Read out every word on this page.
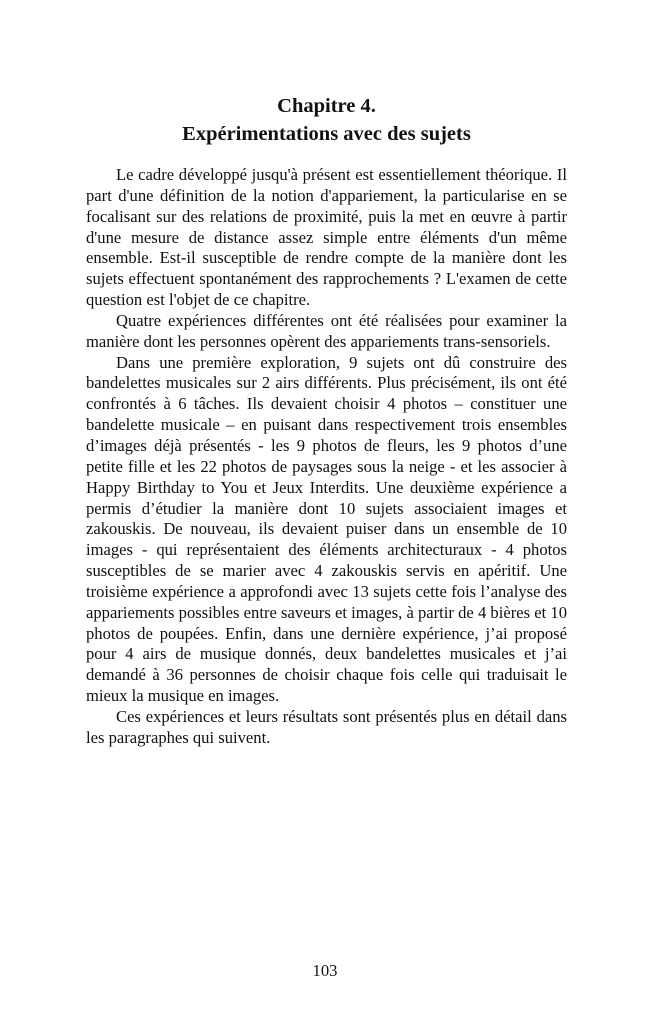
Chapitre 4.
Expérimentations avec des sujets

Le cadre développé jusqu'à présent est essentiellement théorique. Il part d'une définition de la notion d'appariement, la particularise en se focalisant sur des relations de proximité, puis la met en œuvre à partir d'une mesure de distance assez simple entre éléments d'un même ensemble. Est-il susceptible de rendre compte de la manière dont les sujets effectuent spontanément des rapprochements ? L'examen de cette question est l'objet de ce chapitre.

Quatre expériences différentes ont été réalisées pour examiner la manière dont les personnes opèrent des appariements trans-sensoriels.

Dans une première exploration, 9 sujets ont dû construire des bandelettes musicales sur 2 airs différents. Plus précisément, ils ont été confrontés à 6 tâches. Ils devaient choisir 4 photos – constituer une bandelette musicale – en puisant dans respectivement trois ensembles d’images déjà présentés - les 9 photos de fleurs, les 9 photos d’une petite fille et les 22 photos de paysages sous la neige - et les associer à Happy Birthday to You et Jeux Interdits. Une deuxième expérience a permis d’étudier la manière dont 10 sujets associaient images et zakouskis. De nouveau, ils devaient puiser dans un ensemble de 10 images - qui représentaient des éléments architecturaux - 4 photos susceptibles de se marier avec 4 zakouskis servis en apéritif. Une troisième expérience a approfondi avec 13 sujets cette fois l’analyse des appariements possibles entre saveurs et images, à partir de 4 bières et 10 photos de poupées. Enfin, dans une dernière expérience, j’ai proposé pour 4 airs de musique donnés, deux bandelettes musicales et j’ai demandé à 36 personnes de choisir chaque fois celle qui traduisait le mieux la musique en images.

Ces expériences et leurs résultats sont présentés plus en détail dans les paragraphes qui suivent.

103
